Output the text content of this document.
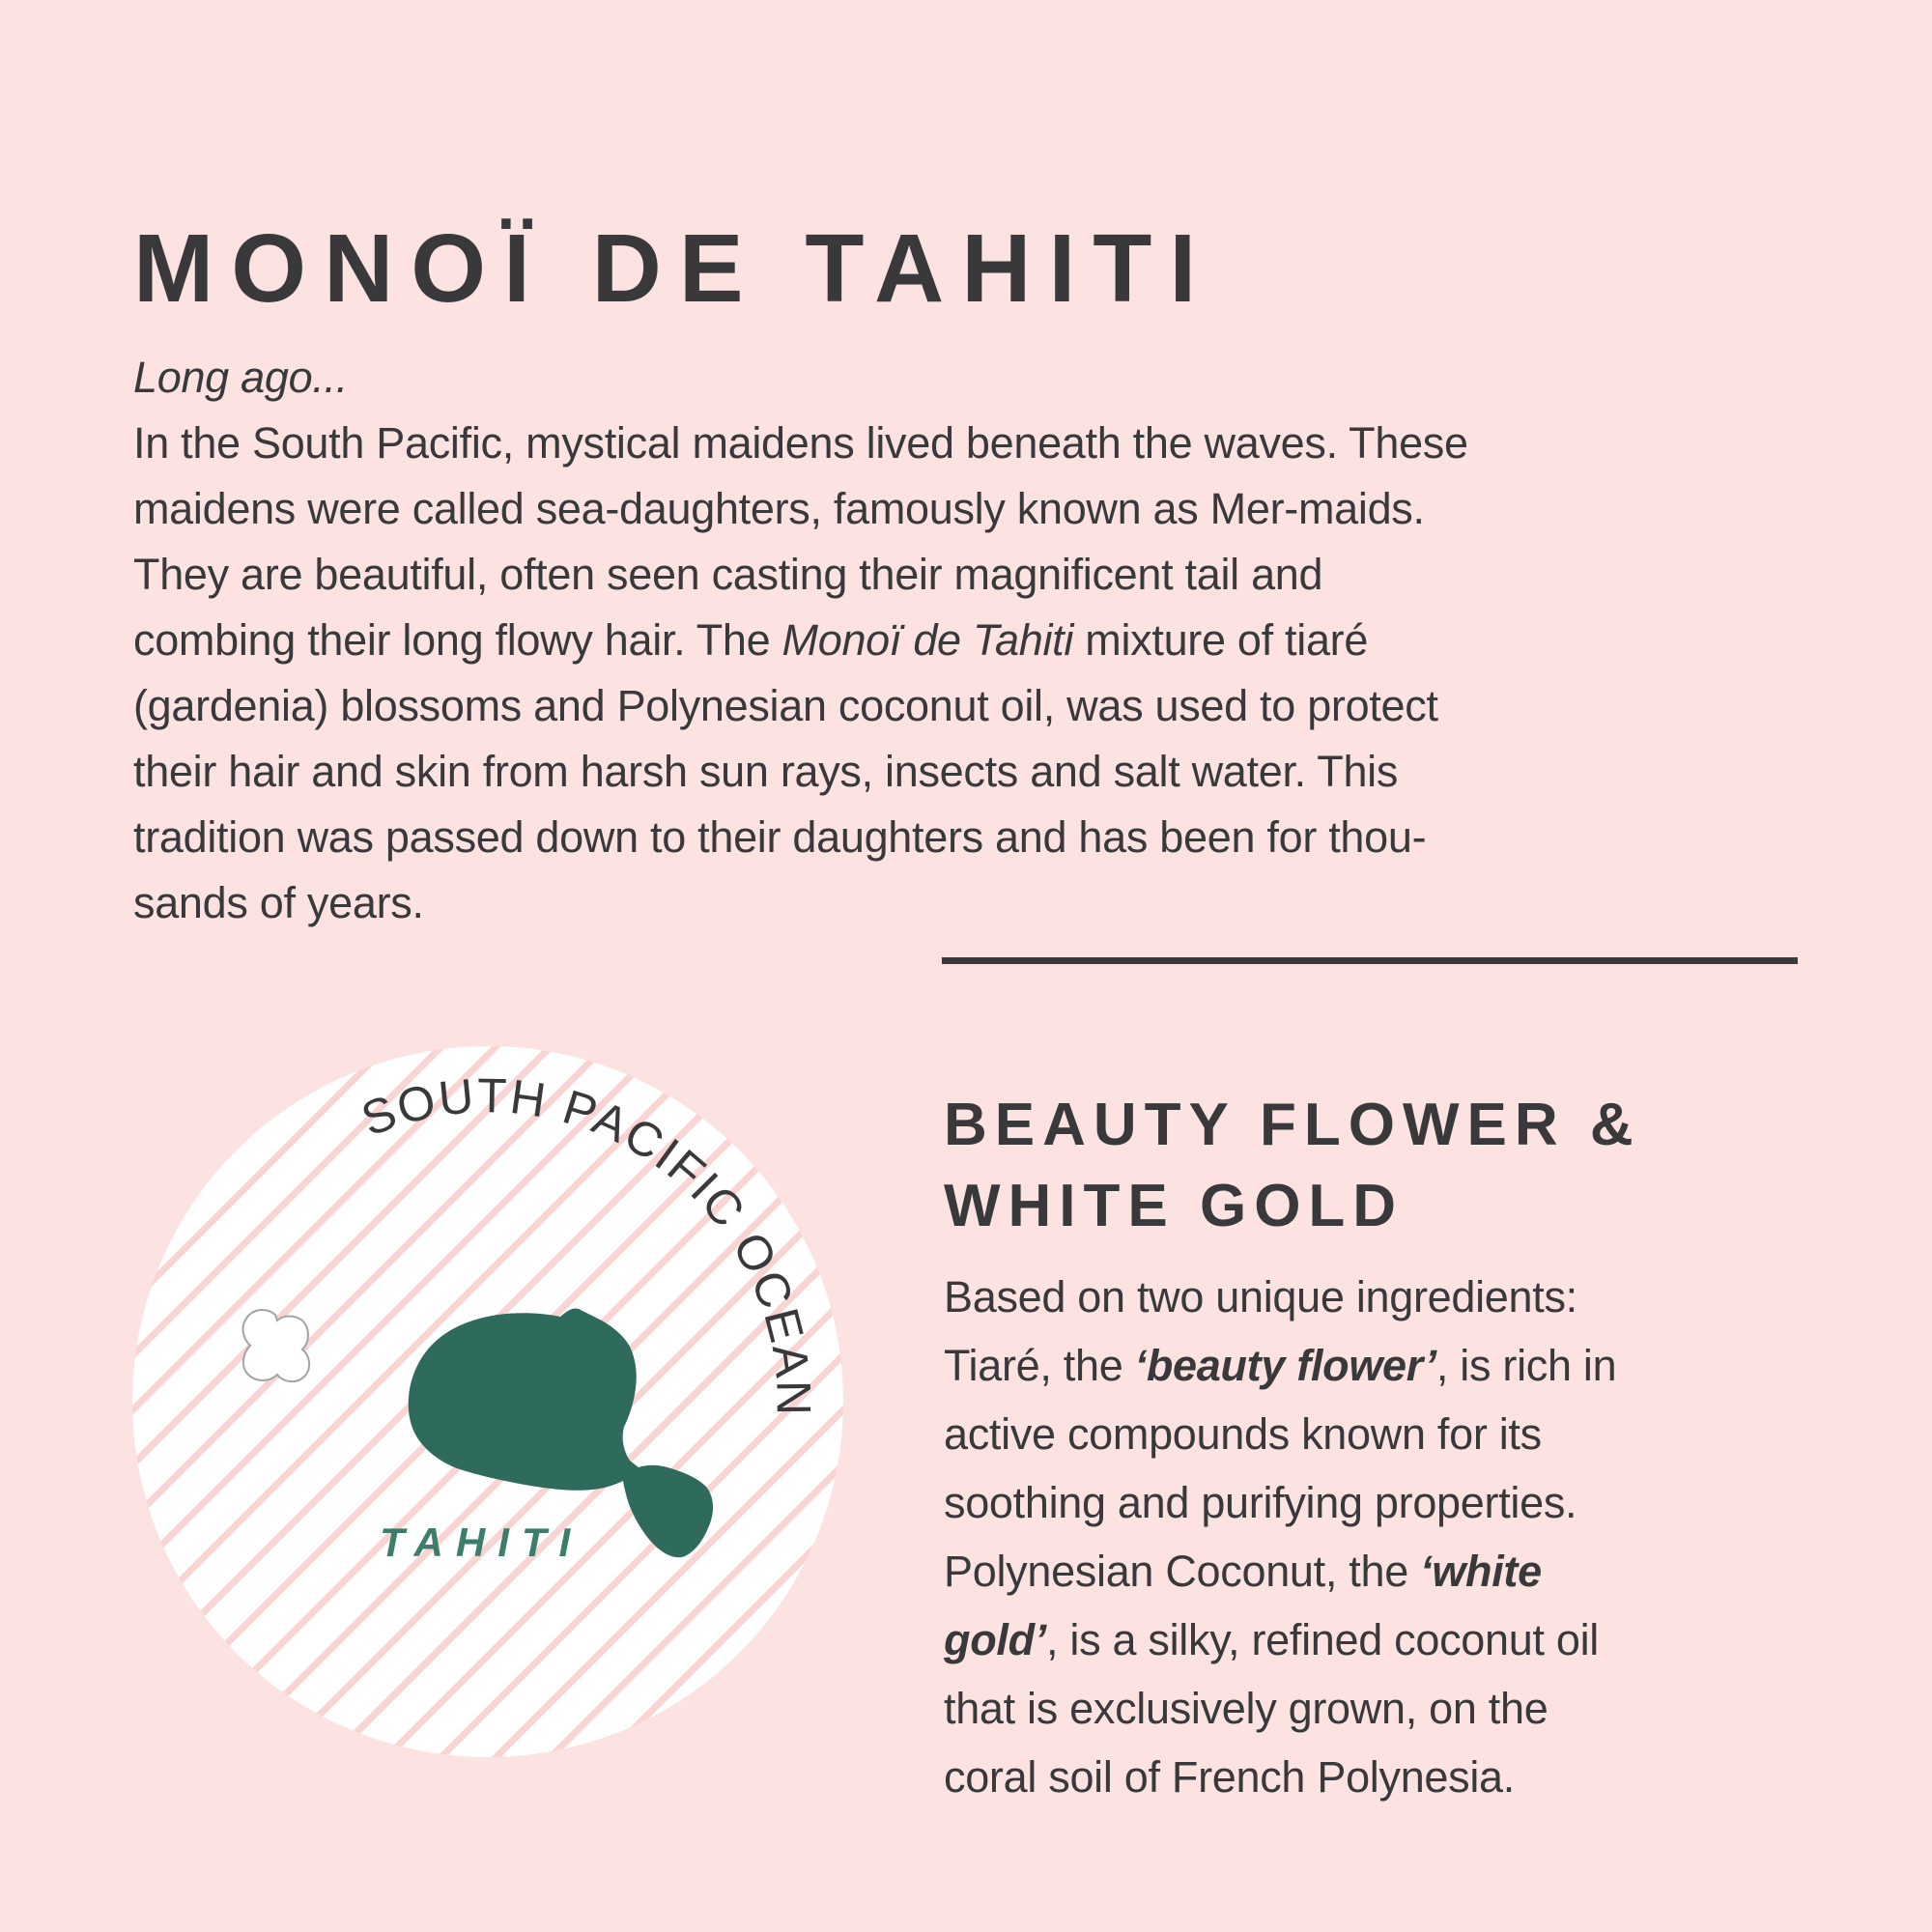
MONOÏ DE TAHITI

Long ago...
In the South Pacific, mystical maidens lived beneath the waves. These
maidens were called sea-daughters, famously known as Mer-maids.
They are beautiful, often seen casting their magnificent tail and
combing their long flowy hair. The Monoï de Tahiti mixture of tiaré
(gardenia) blossoms and Polynesian coconut oil, was used to protect
their hair and skin from harsh sun rays, insects and salt water. This
tradition was passed down to their daughters and has been for thou-
sands of years.

SOUTH PACIFIC OCEAN
TAHITI
BEAUTY FLOWER &
WHITE GOLD

Based on two unique ingredients:
Tiaré, the ‘beauty flower’, is rich in
active compounds known for its
soothing and purifying properties.
Polynesian Coconut, the ‘white
gold’, is a silky, refined coconut oil
that is exclusively grown, on the
coral soil of French Polynesia.
